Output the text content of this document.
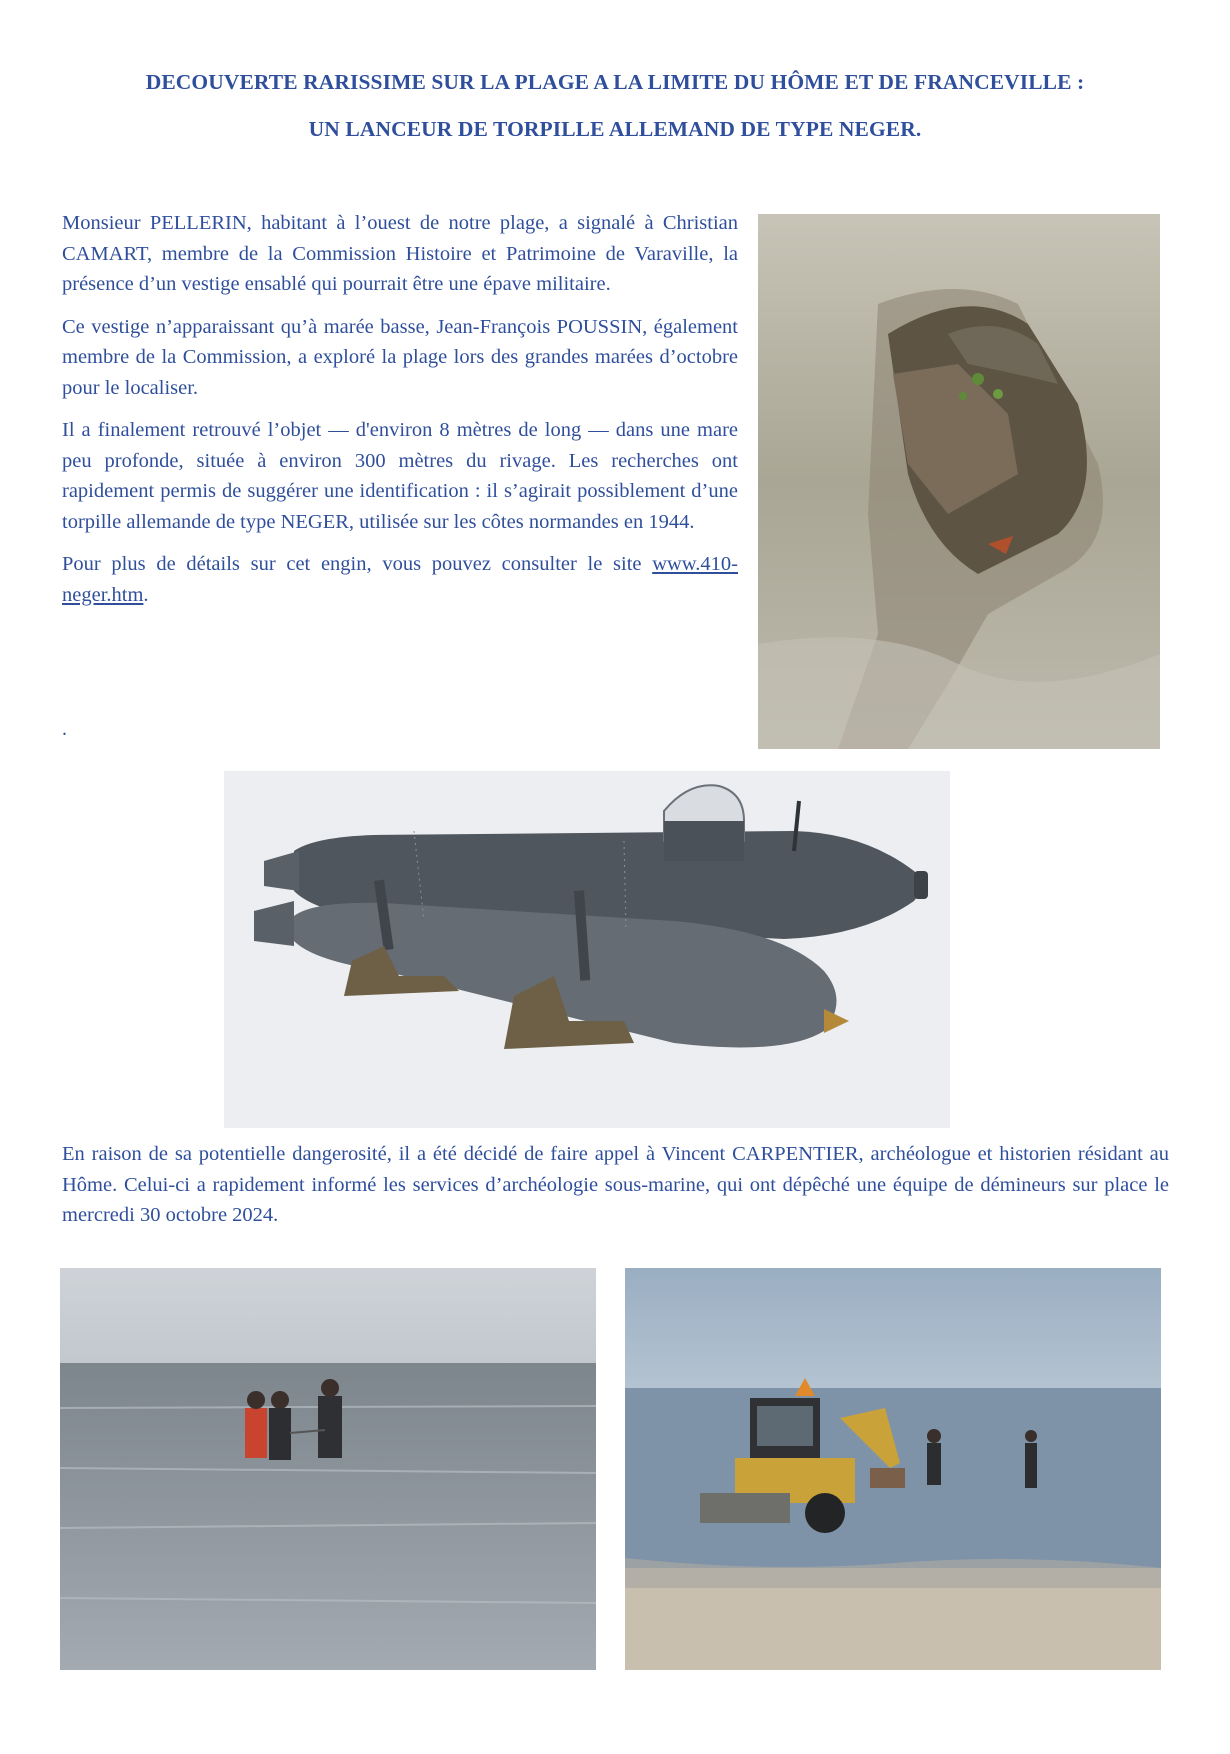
DECOUVERTE RARISSIME SUR LA PLAGE A LA LIMITE DU HÔME ET DE FRANCEVILLE :
UN LANCEUR DE TORPILLE ALLEMAND DE TYPE NEGER.

Monsieur PELLERIN, habitant à l’ouest de notre plage, a signalé à Christian CAMART, membre de la Commission Histoire et Patrimoine de Varaville, la présence d’un vestige ensablé qui pourrait être une épave militaire.

Ce vestige n’apparaissant qu’à marée basse, Jean-François POUSSIN, également membre de la Commission, a exploré la plage lors des grandes marées d’octobre pour le localiser.

Il a finalement retrouvé l’objet — d'environ 8 mètres de long — dans une mare peu profonde, située à environ 300 mètres du rivage. Les recherches ont rapidement permis de suggérer une identification : il s’agirait possiblement d’une torpille allemande de type NEGER, utilisée sur les côtes normandes en 1944.

Pour plus de détails sur cet engin, vous pouvez consulter le site www.410-neger.htm.

.
En raison de sa potentielle dangerosité, il a été décidé de faire appel à Vincent CARPENTIER, archéologue et historien résidant au Hôme. Celui-ci a rapidement informé les services d’archéologie sous-marine, qui ont dépêché une équipe de démineurs sur place le mercredi 30 octobre 2024.
